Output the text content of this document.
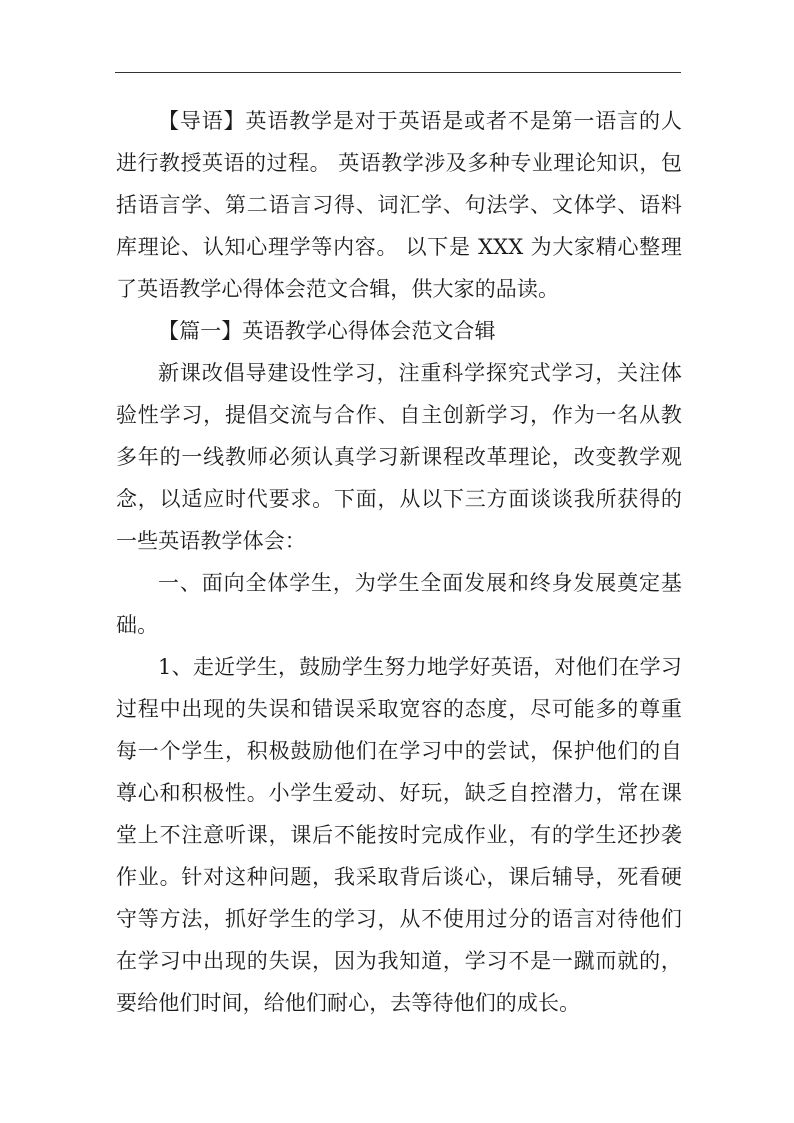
【导语】英语教学是对于英语是或者不是第一语言的人进行教授英语的过程。 英语教学涉及多种专业理论知识，包括语言学、第二语言习得、词汇学、句法学、文体学、语料库理论、认知心理学等内容。 以下是 XXX 为大家精心整理了英语教学心得体会范文合辑，供大家的品读。

【篇一】英语教学心得体会范文合辑

新课改倡导建设性学习，注重科学探究式学习，关注体验性学习，提倡交流与合作、自主创新学习，作为一名从教多年的一线教师必须认真学习新课程改革理论，改变教学观念，以适应时代要求。下面，从以下三方面谈谈我所获得的一些英语教学体会：

一、面向全体学生，为学生全面发展和终身发展奠定基础。

1、走近学生，鼓励学生努力地学好英语，对他们在学习过程中出现的失误和错误采取宽容的态度，尽可能多的尊重每一个学生，积极鼓励他们在学习中的尝试，保护他们的自尊心和积极性。小学生爱动、好玩，缺乏自控潜力，常在课堂上不注意听课，课后不能按时完成作业，有的学生还抄袭作业。针对这种问题，我采取背后谈心，课后辅导，死看硬守等方法，抓好学生的学习，从不使用过分的语言对待他们在学习中出现的失误，因为我知道，学习不是一蹴而就的，要给他们时间，给他们耐心，去等待他们的成长。
